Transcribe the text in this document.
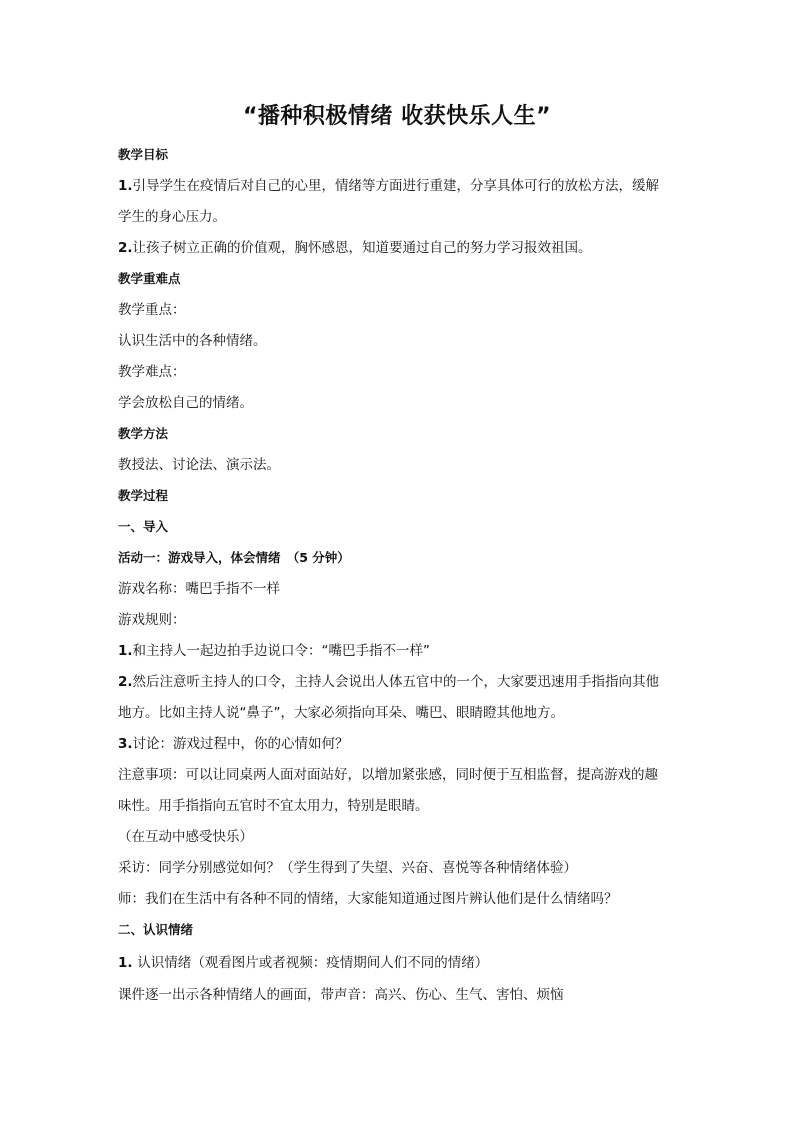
“播种积极情绪 收获快乐人生”
教学目标
1.引导学生在疫情后对自己的心里，情绪等方面进行重建，分享具体可行的放松方法，缓解
学生的身心压力。
2.让孩子树立正确的价值观，胸怀感恩，知道要通过自己的努力学习报效祖国。
教学重难点
教学重点：
认识生活中的各种情绪。
教学难点：
学会放松自己的情绪。
教学方法
教授法、讨论法、演示法。
教学过程
一、导入
活动一：游戏导入，体会情绪　（5 分钟）
游戏名称：嘴巴手指不一样
游戏规则：
1.和主持人一起边拍手边说口令：“嘴巴手指不一样”
2.然后注意听主持人的口令，主持人会说出人体五官中的一个，大家要迅速用手指指向其他
地方。比如主持人说“鼻子”，大家必须指向耳朵、嘴巴、眼睛瞪其他地方。
3.讨论：游戏过程中，你的心情如何？
注意事项：可以让同桌两人面对面站好，以增加紧张感，同时便于互相监督，提高游戏的趣
味性。用手指指向五官时不宜太用力，特别是眼睛。
（在互动中感受快乐）
采访：同学分别感觉如何？（学生得到了失望、兴奋、喜悦等各种情绪体验）
师：我们在生活中有各种不同的情绪，大家能知道通过图片辨认他们是什么情绪吗？
二、认识情绪
1. 认识情绪（观看图片或者视频：疫情期间人们不同的情绪）
课件逐一出示各种情绪人的画面，带声音：高兴、伤心、生气、害怕、烦恼
